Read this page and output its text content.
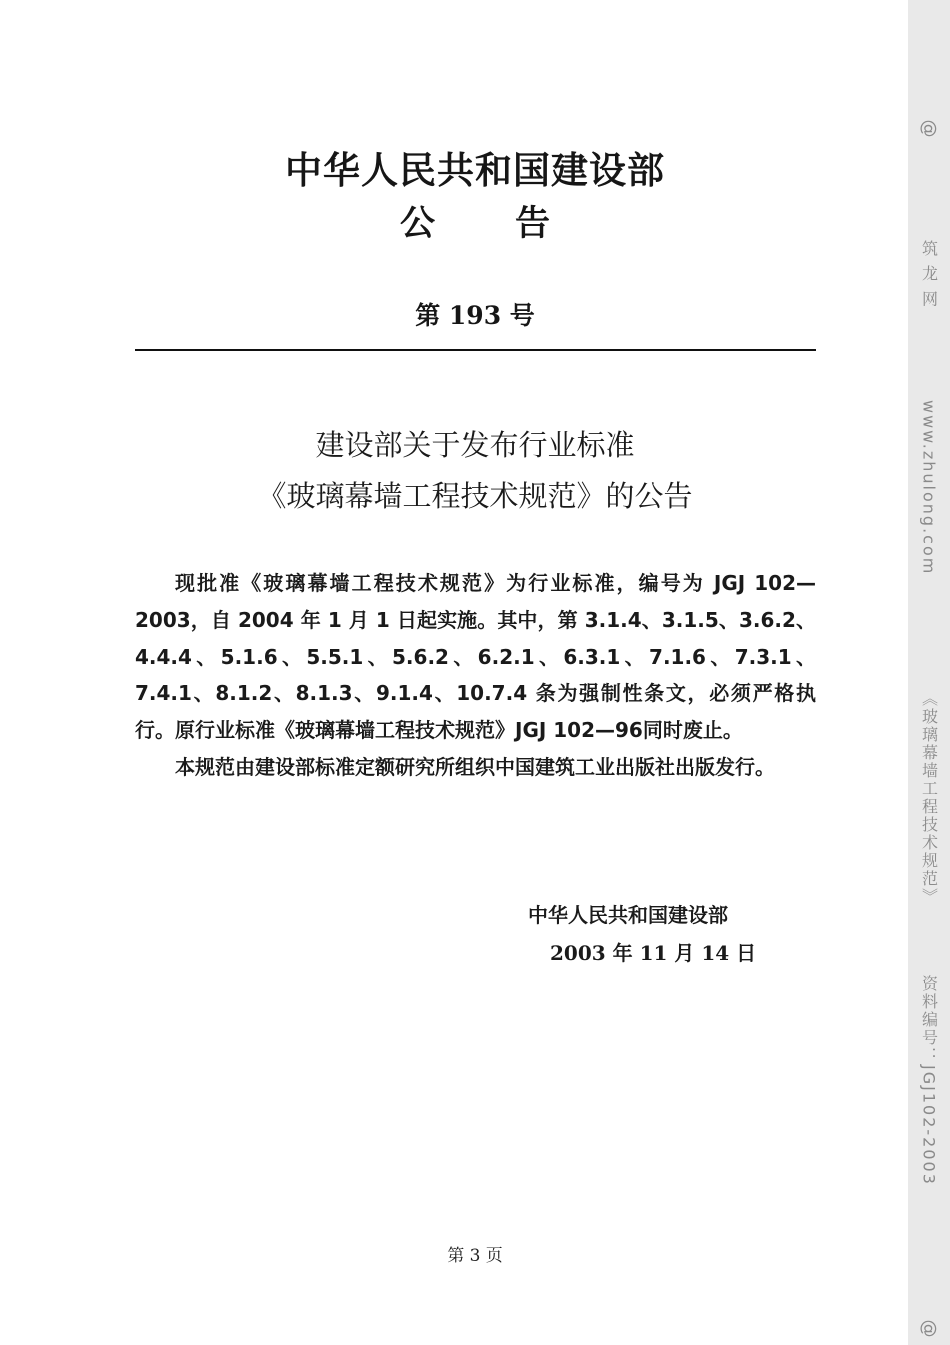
中华人民共和国建设部
公告
第 193 号
建设部关于发布行业标准
《玻璃幕墙工程技术规范》的公告

现批准《玻璃幕墙工程技术规范》为行业标准，编号为 JGJ 102—2003，自 2004 年 1 月 1 日起实施。其中，第 3.1.4、3.1.5、3.6.2、4.4.4、5.1.6、5.5.1、5.6.2、6.2.1、6.3.1、7.1.6、7.3.1、7.4.1、8.1.2、8.1.3、9.1.4、10.7.4 条为强制性条文，必须严格执行。原行业标准《玻璃幕墙工程技术规范》JGJ 102—96同时废止。

本规范由建设部标准定额研究所组织中国建筑工业出版社出版发行。

中华人民共和国建设部
2003 年 11 月 14 日
第 3 页
@
筑 龙 网
www.zhulong.com
《玻璃幕墙工程技术规范》
资料编号：JGJ102-2003
@
